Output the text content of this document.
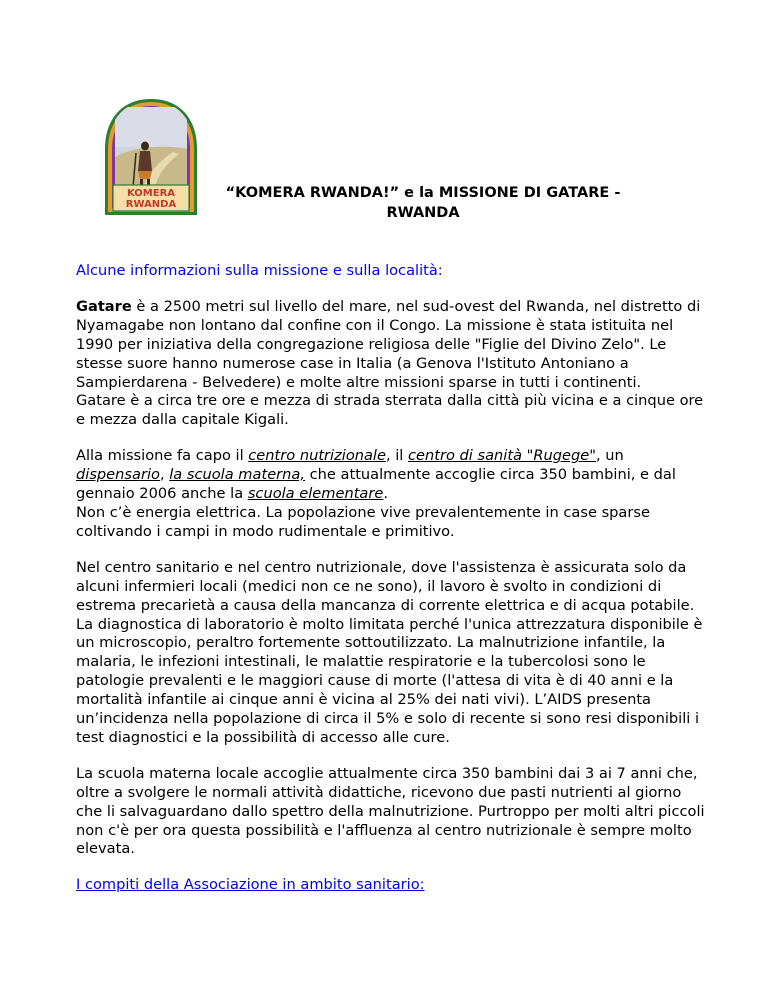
KOMERA
RWANDA
“KOMERA RWANDA!” e la MISSIONE DI GATARE -
RWANDA
Alcune informazioni sulla missione e sulla località:

Gatare è a 2500 metri sul livello del mare, nel sud-ovest del Rwanda, nel distretto di Nyamagabe non lontano dal confine con il Congo. La missione è stata istituita nel 1990 per iniziativa della congregazione religiosa delle "Figlie del Divino Zelo". Le stesse suore hanno numerose case in Italia (a Genova l'Istituto Antoniano a Sampierdarena - Belvedere) e molte altre missioni sparse in tutti i continenti.
Gatare è a circa tre ore e mezza di strada sterrata dalla città più vicina e a cinque ore e mezza dalla capitale Kigali.

Alla missione fa capo il centro nutrizionale, il centro di sanità "Rugege", un dispensario, la scuola materna, che attualmente accoglie circa 350 bambini, e dal gennaio 2006 anche la scuola elementare.
Non c’è energia elettrica. La popolazione vive prevalentemente in case sparse coltivando i campi in modo rudimentale e primitivo.

Nel centro sanitario e nel centro nutrizionale, dove l'assistenza è assicurata solo da alcuni infermieri locali (medici non ce ne sono), il lavoro è svolto in condizioni di estrema precarietà a causa della mancanza di corrente elettrica e di acqua potabile. La diagnostica di laboratorio è molto limitata perché l'unica attrezzatura disponibile è un microscopio, peraltro fortemente sottoutilizzato. La malnutrizione infantile, la malaria, le infezioni intestinali, le malattie respiratorie e la tubercolosi sono le patologie prevalenti e le maggiori cause di morte (l'attesa di vita è di 40 anni e la mortalità infantile ai cinque anni è vicina al 25% dei nati vivi). L’AIDS presenta un’incidenza nella popolazione di circa il 5% e solo di recente si sono resi disponibili i test diagnostici e la possibilità di accesso alle cure.

La scuola materna locale accoglie attualmente circa 350 bambini dai 3 ai 7 anni che, oltre a svolgere le normali attività didattiche, ricevono due pasti nutrienti al giorno che li salvaguardano dallo spettro della malnutrizione. Purtroppo per molti altri piccoli non c'è per ora questa possibilità e l'affluenza al centro nutrizionale è sempre molto elevata.

I compiti della Associazione in ambito sanitario:
